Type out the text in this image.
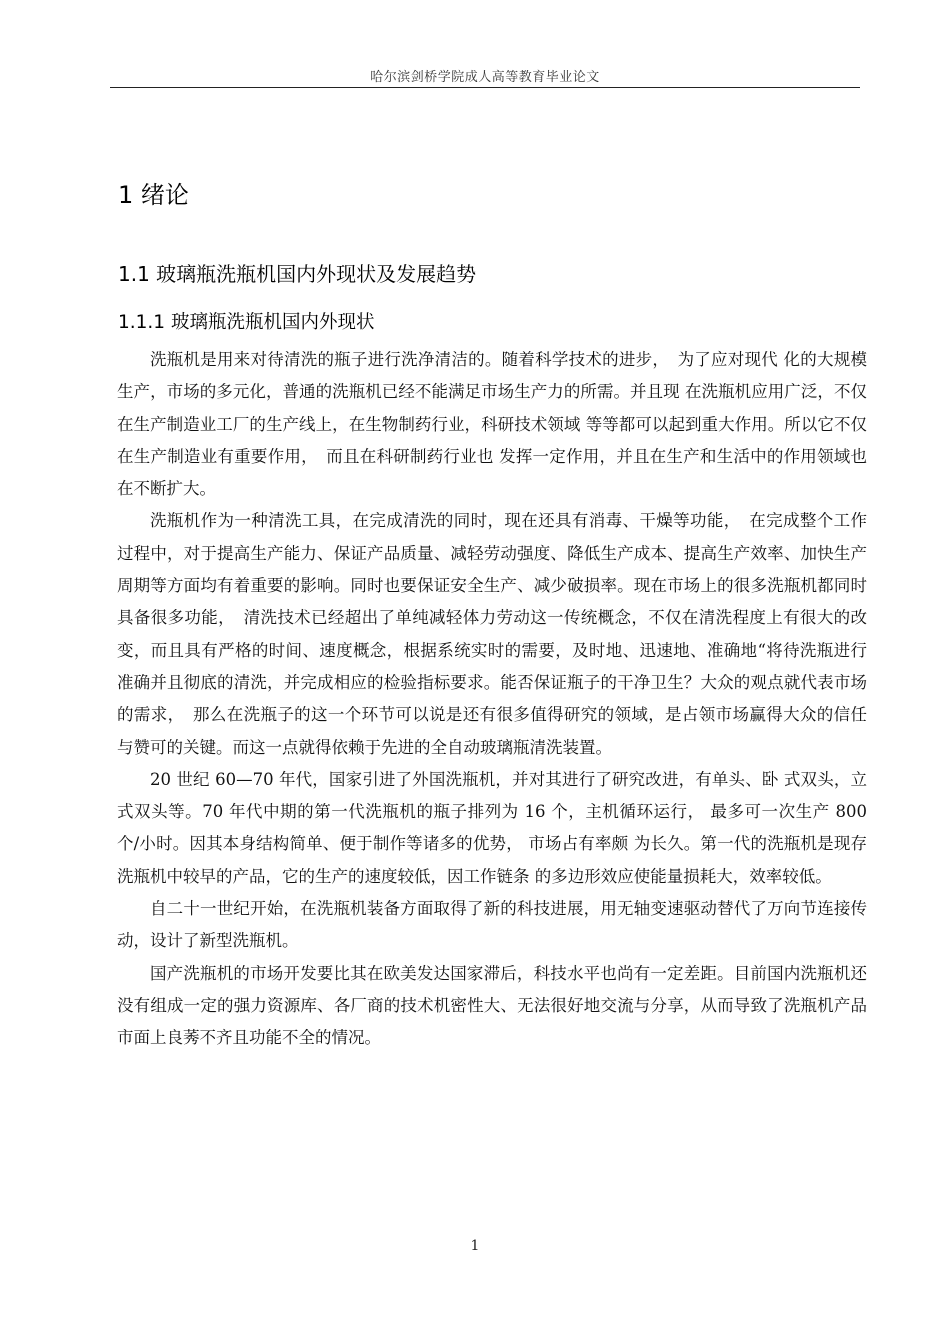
哈尔滨剑桥学院成人高等教育毕业论文
1 绪论
1.1 玻璃瓶洗瓶机国内外现状及发展趋势
1.1.1 玻璃瓶洗瓶机国内外现状

洗瓶机是用来对待清洗的瓶子进行洗净清洁的。随着科学技术的进步，　为了应对现代 化的大规模生产，市场的多元化，普通的洗瓶机已经不能满足市场生产力的所需。并且现 在洗瓶机应用广泛，不仅在生产制造业工厂的生产线上，在生物制药行业，科研技术领域 等等都可以起到重大作用。所以它不仅在生产制造业有重要作用，　而且在科研制药行业也 发挥一定作用，并且在生产和生活中的作用领域也在不断扩大。

洗瓶机作为一种清洗工具，在完成清洗的同时，现在还具有消毒、干燥等功能，　在完成整个工作过程中，对于提高生产能力、保证产品质量、减轻劳动强度、降低生产成本、提高生产效率、加快生产周期等方面均有着重要的影响。同时也要保证安全生产、减少破损率。现在市场上的很多洗瓶机都同时具备很多功能，　清洗技术已经超出了单纯减轻体力劳动这一传统概念，不仅在清洗程度上有很大的改变，而且具有严格的时间、速度概念，根据系统实时的需要，及时地、迅速地、准确地“将待洗瓶进行准确并且彻底的清洗，并完成相应的检验指标要求。能否保证瓶子的干净卫生？大众的观点就代表市场的需求，　那么在洗瓶子的这一个环节可以说是还有很多值得研究的领域，是占领市场赢得大众的信任与赞可的关键。而这一点就得依赖于先进的全自动玻璃瓶清洗装置。

20 世纪 60—70 年代，国家引进了外国洗瓶机，并对其进行了研究改进，有单头、卧 式双头，立式双头等。70 年代中期的第一代洗瓶机的瓶子排列为 16 个，主机循环运行， 最多可一次生产 800 个/小时。因其本身结构简单、便于制作等诸多的优势， 市场占有率颇 为长久。第一代的洗瓶机是现存洗瓶机中较早的产品，它的生产的速度较低，因工作链条 的多边形效应使能量损耗大，效率较低。

自二十一世纪开始，在洗瓶机装备方面取得了新的科技进展，用无轴变速驱动替代了万向节连接传动，设计了新型洗瓶机。

国产洗瓶机的市场开发要比其在欧美发达国家滞后，科技水平也尚有一定差距。目前国内洗瓶机还没有组成一定的强力资源库、各厂商的技术机密性大、无法很好地交流与分享，从而导致了洗瓶机产品市面上良莠不齐且功能不全的情况。

1
